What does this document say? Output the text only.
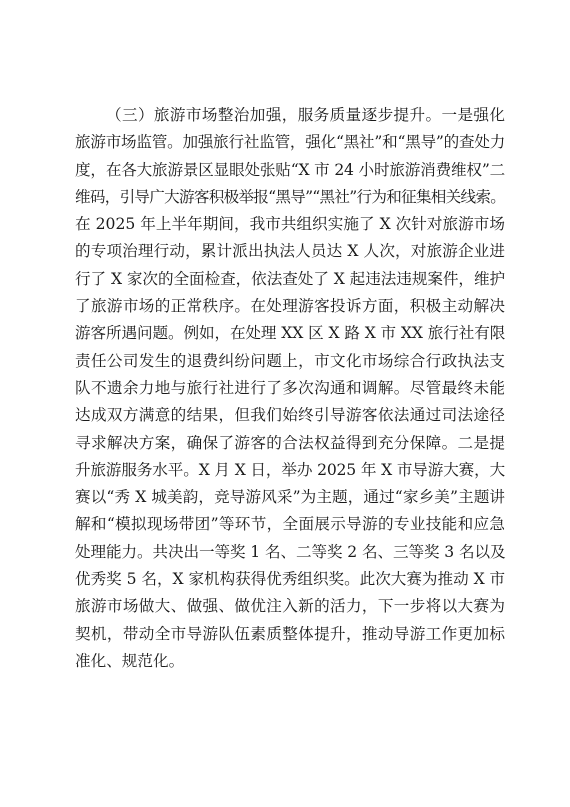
（三）旅游市场整治加强，服务质量逐步提升。一是强化
旅游市场监管。加强旅行社监管，强化“黑社”和“黑导”的查处力
度，在各大旅游景区显眼处张贴“X 市 24 小时旅游消费维权”二
维码，引导广大游客积极举报“黑导”“黑社”行为和征集相关线索。
在 2025 年上半年期间，我市共组织实施了 X 次针对旅游市场
的专项治理行动，累计派出执法人员达 X 人次，对旅游企业进
行了 X 家次的全面检查，依法查处了 X 起违法违规案件，维护
了旅游市场的正常秩序。在处理游客投诉方面，积极主动解决
游客所遇问题。例如，在处理 XX 区 X 路 X 市 XX 旅行社有限
责任公司发生的退费纠纷问题上，市文化市场综合行政执法支
队不遗余力地与旅行社进行了多次沟通和调解。尽管最终未能
达成双方满意的结果，但我们始终引导游客依法通过司法途径
寻求解决方案，确保了游客的合法权益得到充分保障。二是提
升旅游服务水平。X 月 X 日，举办 2025 年 X 市导游大赛，大
赛以“秀 X 城美韵，竞导游风采”为主题，通过“家乡美”主题讲
解和“模拟现场带团”等环节，全面展示导游的专业技能和应急
处理能力。共决出一等奖 1 名、二等奖 2 名、三等奖 3 名以及
优秀奖 5 名，X 家机构获得优秀组织奖。此次大赛为推动 X 市
旅游市场做大、做强、做优注入新的活力，下一步将以大赛为
契机，带动全市导游队伍素质整体提升，推动导游工作更加标
准化、规范化。
